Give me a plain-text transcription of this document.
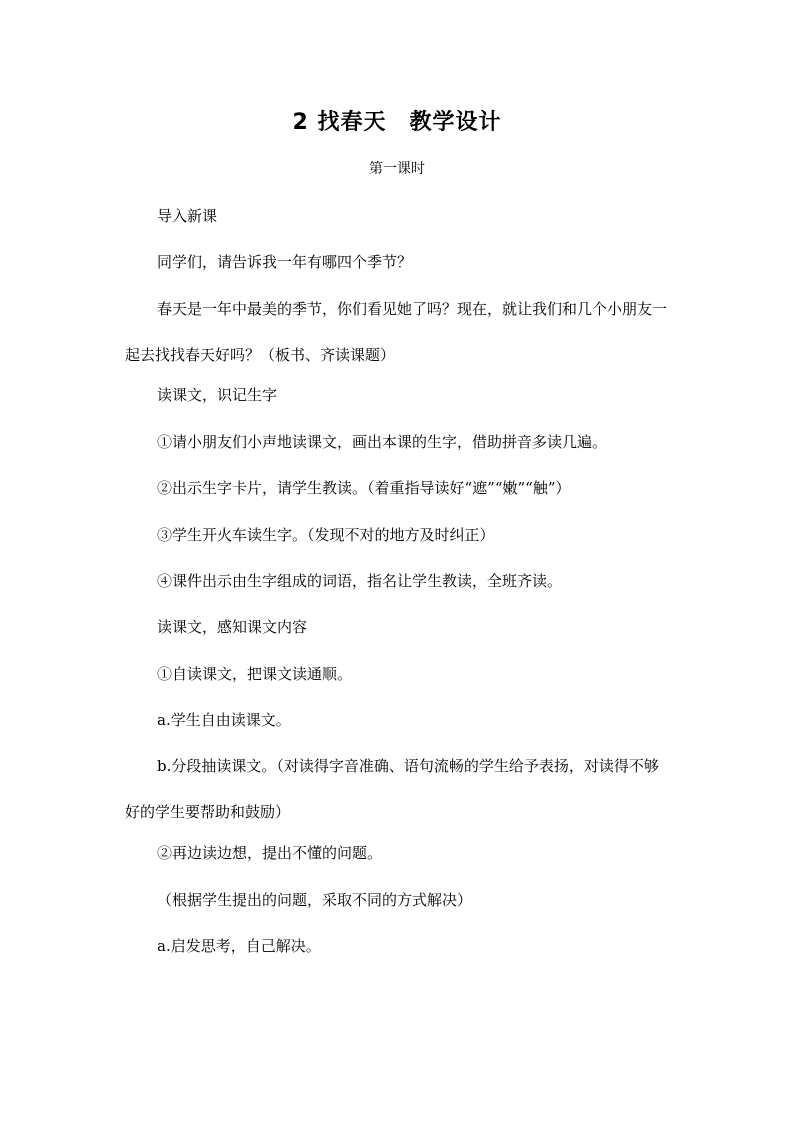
2 找春天　教学设计
第一课时
导入新课
同学们，请告诉我一年有哪四个季节？
春天是一年中最美的季节，你们看见她了吗？现在，就让我们和几个小朋友一起去找找春天好吗？（板书、齐读课题）
读课文，识记生字
①请小朋友们小声地读课文，画出本课的生字，借助拼音多读几遍。
②出示生字卡片，请学生教读。（着重指导读好“遮”“嫩”“触”）
③学生开火车读生字。（发现不对的地方及时纠正）
④课件出示由生字组成的词语，指名让学生教读，全班齐读。
读课文，感知课文内容
①自读课文，把课文读通顺。
a.学生自由读课文。
b.分段抽读课文。（对读得字音准确、语句流畅的学生给予表扬，对读得不够好的学生要帮助和鼓励）
②再边读边想，提出不懂的问题。
（根据学生提出的问题，采取不同的方式解决）
a.启发思考，自己解决。
